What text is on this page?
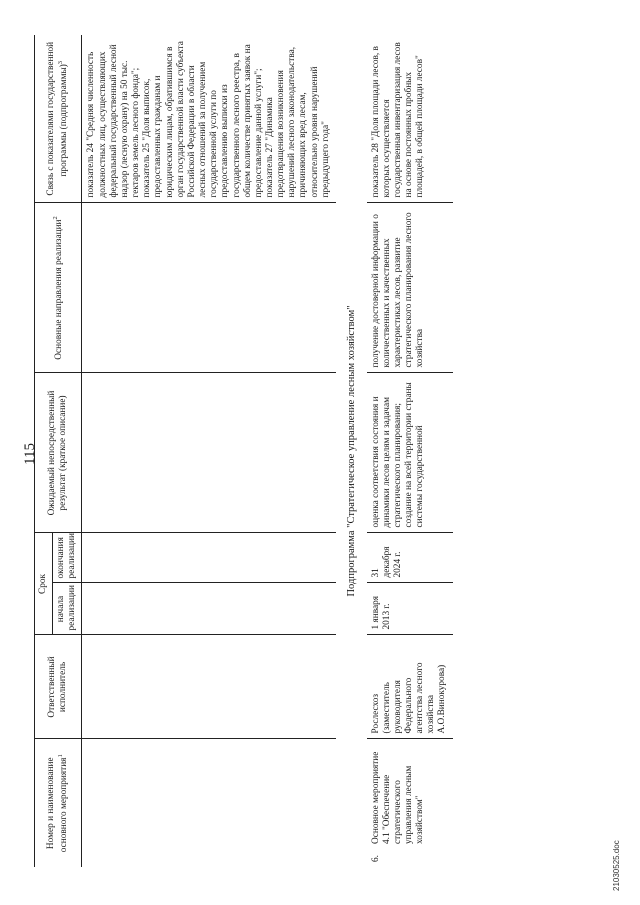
115
Номер и наименование основного мероприятия$^1$	Ответственный исполнитель	Срок		Ожидаемый непосредственный результат (краткое описание)	Основные направления реализации$^2$	Связь с показателями государственной программы (подпрограммы)$^3$
		начала реализации	окончания реализации			
						показатель 24 "Средняя численность должностных лиц, осуществляющих федеральный государственный лесной надзор (лесную охрану) на 50 тыс. гектаров земель лесного фонда"; показатель 25 "Доля выписок, предоставленных гражданам и юридическим лицам, обратившимся в орган государственной власти субъекта Российской Федерации в области лесных отношений за получением государственной услуги по предоставлению выписки из государственного лесного реестра, в общем количестве принятых заявок на предоставление данной услуги"; показатель 27 "Динамика предотвращения возникновения нарушений лесного законодательства, причиняющих вред лесам, относительно уровня нарушений предыдущего года"
Подпрограмма "Стратегическое управление лесным хозяйством"						
6.Основное мероприятие 4.1 "Обеспечение стратегического управления лесным хозяйством"	Рослесхоз (заместитель руководителя Федерального агентства лесного хозяйства А.О.Винокурова)	1 января 2013 г.	31 декабря 2024 г.	оценка соответствия состояния и динамики лесов целям и задачам стратегического планирования; создание на всей территории страны системы государственной	получение достоверной информации о количественных и качественных характеристиках лесов, развитие стратегического планирования лесного хозяйства	показатель 28 "Доля площади лесов, в которых осуществляется государственная инвентаризация лесов на основе постоянных пробных площадей, в общей площади лесов"
21030525.doc
